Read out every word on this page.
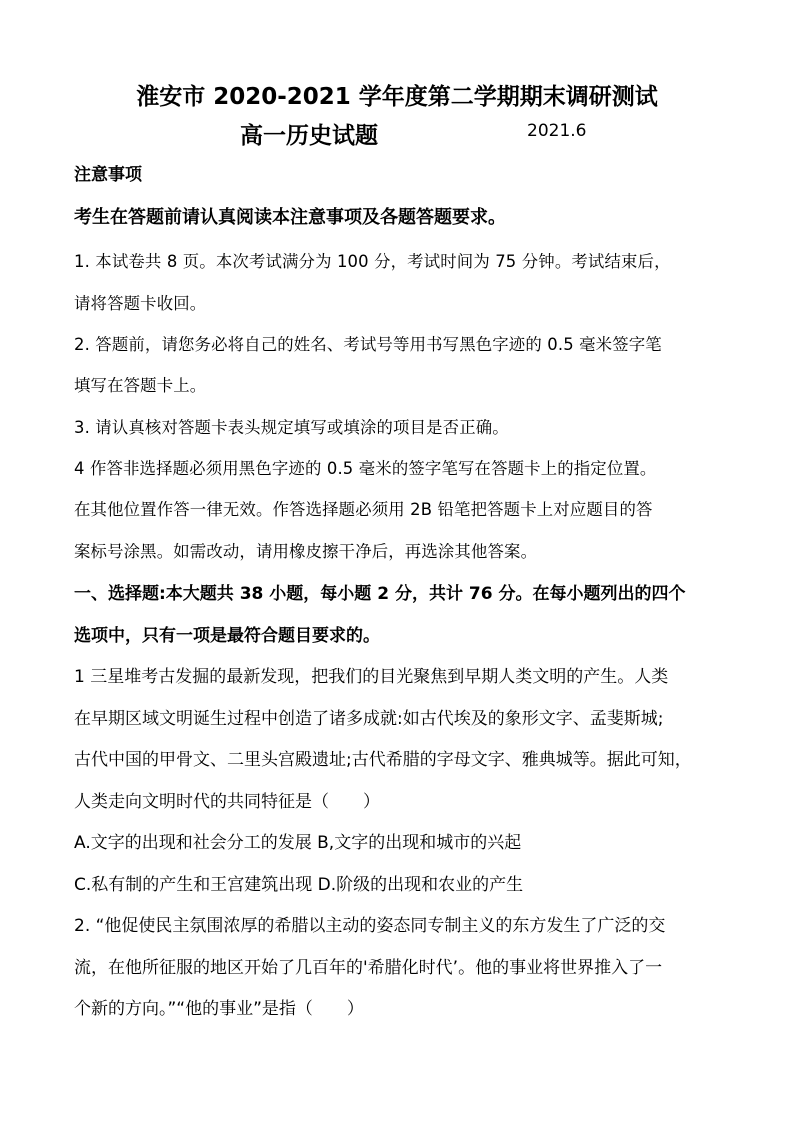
淮安市 2020-2021 学年度第二学期期末调研测试
高一历史试题	2021.6
注意事项
考生在答题前请认真阅读本注意事项及各题答题要求。
1. 本试卷共 8 页。本次考试满分为 100 分，考试时间为 75 分钟。考试结束后，
请将答题卡收回。
2. 答题前，请您务必将自己的姓名、考试号等用书写黑色字迹的 0.5 毫米签字笔
填写在答题卡上。
3. 请认真核对答题卡表头规定填写或填涂的项目是否正确。
4 作答非选择题必须用黑色字迹的 0.5 毫米的签字笔写在答题卡上的指定位置。
在其他位置作答一律无效。作答选择题必须用 2B 铅笔把答题卡上对应题目的答
案标号涂黑。如需改动，请用橡皮擦干净后，再选涂其他答案。
一、选择题:本大题共 38 小题，每小题 2 分，共计 76 分。在每小题列出的四个
选项中，只有一项是最符合题目要求的。
1 三星堆考古发掘的最新发现，把我们的目光聚焦到早期人类文明的产生。人类
在早期区域文明诞生过程中创造了诸多成就:如古代埃及的象形文字、孟斐斯城;
古代中国的甲骨文、二里头宫殿遗址;古代希腊的字母文字、雅典城等。据此可知，
人类走向文明时代的共同特征是（　　）
A.文字的出现和社会分工的发展 B,文字的出现和城市的兴起
C.私有制的产生和王宫建筑出现 D.阶级的出现和农业的产生
2. “他促使民主氛围浓厚的希腊以主动的姿态同专制主义的东方发生了广泛的交
流，在他所征服的地区开始了几百年的'希腊化时代’。他的事业将世界推入了一
个新的方向。”“他的事业”是指（　　）
